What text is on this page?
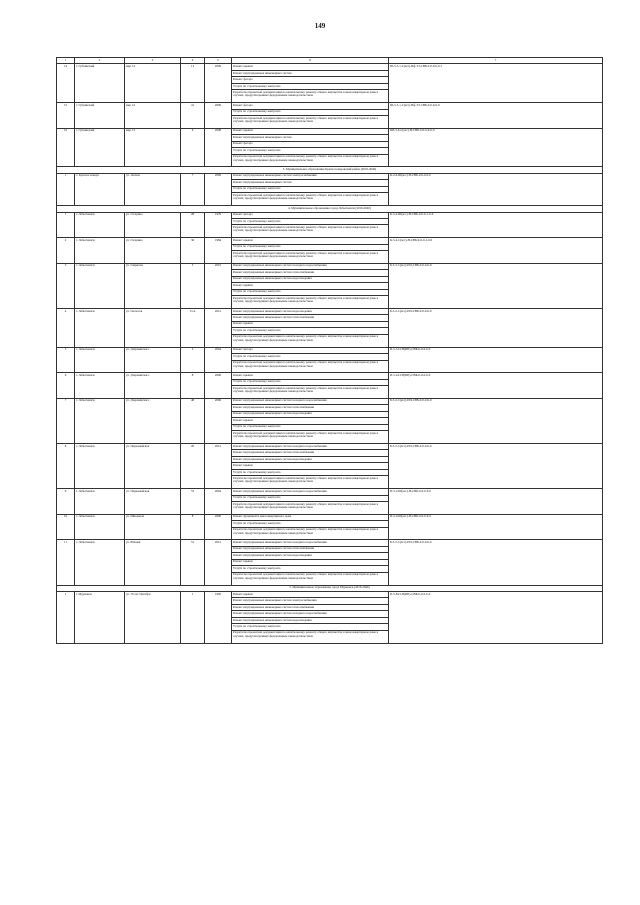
149
1	2	3	4	5	6	7
14	г. Губкинский	мкр 14	13	2009	Ремонт крыши	Ш-5-5-1-С(м/с)-Вф-Т3-СВБ-0-0-0-0-0-1
					Ремонт внутридомовых инженерных систем	
					Ремонт фасада	
					Услуги по строительному контролю	
					Разработка проектной документации по капитальному ремонту общего имущества в многоквартирном доме в случаях, предусмотренных федеральным законодательством	
15	г. Губкинский	мкр 14	41	2009	Ремонт фасада	Ш-5-5-1-С(м/с)-Вф-Т3-СВБ-0-0-0-0-0
					Услуги по строительному контролю	
					Разработка проектной документации по капитальному ремонту общего имущества в многоквартирном доме в случаях, предусмотренных федеральным законодательством	
16	г. Губкинский	мкр 13	6	2008	Ремонт крыши	КП-5-6-С(м/с)-Н-СВБ-0-0-0-0-0-0
					Ремонт внутридомовых инженерных систем	
					Ремонт фасада	
					Услуги по строительному контролю	
					Разработка проектной документации по капитальному ремонту общего имущества в многоквартирном доме в случаях, предусмотренных федеральным законодательством	
3. Муниципальное образование Красносельцовский район (2016-2040)						
1	с. Красноселькуп	ул. Лесная	7	2009	Ремонт внутридомовых инженерных систем электроснабжения	К-2-6-Ш(м/с)-Н-СВБ-0-0-0-0-0
					Ремонт внутридомовых инженерных систем	
					Услуги по строительному контролю	
					Разработка проектной документации по капитальному ремонту общего имущества в многоквартирном доме в случаях, предусмотренных федеральным законодательством	
4. Муниципальное образование город Лабытнанги (2016-2040)						
1	г. Лабытнанги	ул. Гагарина	28	1979	Ремонт фасада	К-5-4-Ш(м/с)-Н-СВБ-0-0-0-1-0-0
					Услуги по строительному контролю	
					Разработка проектной документации по капитальному ремонту общего имущества в многоквартирном доме в случаях, предусмотренных федеральным законодательством	
2	г. Лабытнанги	ул. Гагарина	36	1984	Ремонт крыши	К-5-4-С(м/с)-Н-СВБ-0-0-0-1-0-0
					Услуги по строительному контролю	
					Разработка проектной документации по капитальному ремонту общего имущества в многоквартирном доме в случаях, предусмотренных федеральным законодательством	
3	г. Лабытнанги	ул. Гаврилов	5	2010	Ремонт внутридомовых инженерных систем холодного водоснабжения	Б-3-2-С(м/с)-ПП-СВБ-0-0-0-0-0
					Ремонт внутридомовых инженерных систем теплоснабжения	
					Ремонт внутридомовых инженерных систем водоотведения	
					Ремонт крыши	
					Услуги по строительному контролю	
					Разработка проектной документации по капитальному ремонту общего имущества в многоквартирном доме в случаях, предусмотренных федеральным законодательством	
4	г. Лабытнанги	ул. Геологов	13 А	2012	Ремонт внутридомовых инженерных систем водоотведения	Б-3-2-С(м/с)-ПП-СВБ-0-0-0-0-0
					Ремонт внутридомовых инженерных систем теплоснабжения	
					Ремонт крыши	
					Услуги по строительному контролю	
					Разработка проектной документации по капитальному ремонту общего имущества в многоквартирном доме в случаях, предусмотренных федеральным законодательством	
5	г. Лабытнанги	ул. Дзержинского	2	2004	Ремонт фасада	П-5-5-П-Н(ПП)-СВБ-0-0-0-0-0
					Услуги по строительному контролю	
					Разработка проектной документации по капитальному ремонту общего имущества в многоквартирном доме в случаях, предусмотренных федеральным законодательством	
6	г. Лабытнанги	ул. Дзержинского	8	2000	Ремонт крыши	П-5-4-П-Н(ПП)-СВБ-0-0-0-0-0
					Услуги по строительному контролю	
					Разработка проектной документации по капитальному ремонту общего имущества в многоквартирном доме в случаях, предусмотренных федеральным законодательством	
7	г. Лабытнанги	ул. Дзержинского	48	2006	Ремонт внутридомовых инженерных систем холодного водоснабжения	Б-3-2-С(м/с)-ПП-СВБ-0-0-0-0-0
					Ремонт внутридомовых инженерных систем теплоснабжения	
					Ремонт внутридомовых инженерных систем водоотведения	
					Ремонт крыши	
					Услуги по строительному контролю	
					Разработка проектной документации по капитальному ремонту общего имущества в многоквартирном доме в случаях, предусмотренных федеральным законодательством	
8	г. Лабытнанги	ул. Первомайская	20	2012	Ремонт внутридомовых инженерных систем холодного водоснабжения	Б-3-2-С(м/с)-ПП-СВБ-0-0-0-0-0
					Ремонт внутридомовых инженерных систем теплоснабжения	
					Ремонт внутридомовых инженерных систем водоотведения	
					Ремонт крыши	
					Услуги по строительному контролю	
					Разработка проектной документации по капитальному ремонту общего имущества в многоквартирном доме в случаях, предусмотренных федеральным законодательством	
9	г. Лабытнанги	ул. Первомайская	53	2004	Ремонт внутридомовых инженерных систем холодного водоснабжения	П-5-2-Ш(м/с)-Н-СВБ-0-0-0-0-0
					Услуги по строительному контролю	
					Разработка проектной документации по капитальному ремонту общего имущества в многоквартирном доме в случаях, предусмотренных федеральным законодательством	
10	г. Лабытнанги	ул. Школьная	8	2000	Ремонт фундамента многоквартирного дома	П-5-4-Ш(м/с)-Н-СВБ-0-0-0-0-0
					Услуги по строительному контролю	
					Разработка проектной документации по капитальному ремонту общего имущества в многоквартирном доме в случаях, предусмотренных федеральным законодательством	
11	г. Лабытнанги	ул. Южная	51	2012	Ремонт внутридомовых инженерных систем холодного водоснабжения	Б-3-2-С(м/с)-ПП-СВБ-0-0-0-0-0
					Ремонт внутридомовых инженерных систем теплоснабжения	
					Ремонт внутридомовых инженерных систем водоотведения	
					Ремонт крыши	
					Услуги по строительному контролю	
					Разработка проектной документации по капитальному ремонту общего имущества в многоквартирном доме в случаях, предусмотренных федеральным законодательством	
5. Муниципальное образование город Мурманск (2016-2040)						
1	г. Мурманск	ул. 70 лет Октября	1	1995	Ремонт крыши	П-5-8-П-Н(ПП)-СВБ-0-0-0-0-0
					Ремонт внутридомовых инженерных систем электроснабжения	
					Ремонт внутридомовых инженерных систем теплоснабжения	
					Ремонт внутридомовых инженерных систем холодного водоснабжения	
					Ремонт внутридомовых инженерных систем водоотведения	
					Услуги по строительному контролю	
					Разработка проектной документации по капитальному ремонту общего имущества в многоквартирном доме в случаях, предусмотренных федеральным законодательством	
